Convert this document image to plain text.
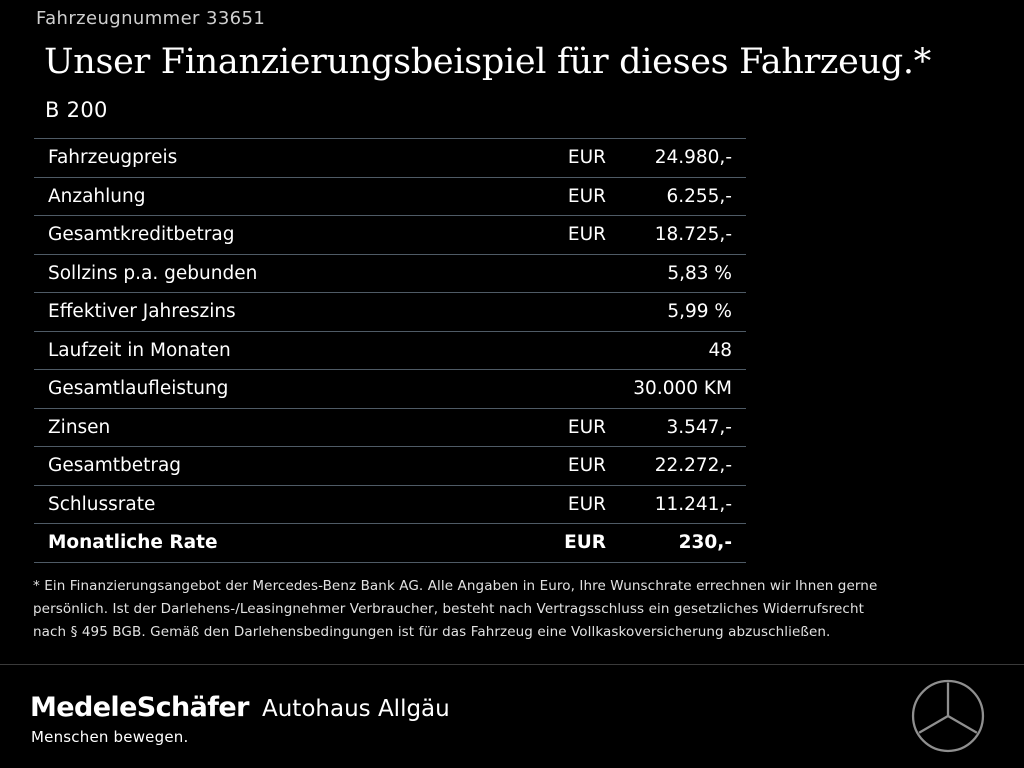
Fahrzeugnummer 33651
Unser Finanzierungsbeispiel für dieses Fahrzeug.*
B 200
Fahrzeugpreis	EUR	24.980,-
Anzahlung	EUR	6.255,-
Gesamtkreditbetrag	EUR	18.725,-
Sollzins p.a. gebunden		5,83 %
Effektiver Jahreszins		5,99 %
Laufzeit in Monaten		48
Gesamtlaufleistung		30.000 KM
Zinsen	EUR	3.547,-
Gesamtbetrag	EUR	22.272,-
Schlussrate	EUR	11.241,-
Monatliche Rate	EUR	230,-
* Ein Finanzierungsangebot der Mercedes-Benz Bank AG. Alle Angaben in Euro, Ihre Wunschrate errechnen wir Ihnen gerne persönlich. Ist der Darlehens-/Leasingnehmer Verbraucher, besteht nach Vertragsschluss ein gesetzliches Widerrufsrecht nach § 495 BGB. Gemäß den Darlehensbedingungen ist für das Fahrzeug eine Vollkaskoversicherung abzuschließen.
MedeleSchäfer
Menschen bewegen.
Autohaus Allgäu
